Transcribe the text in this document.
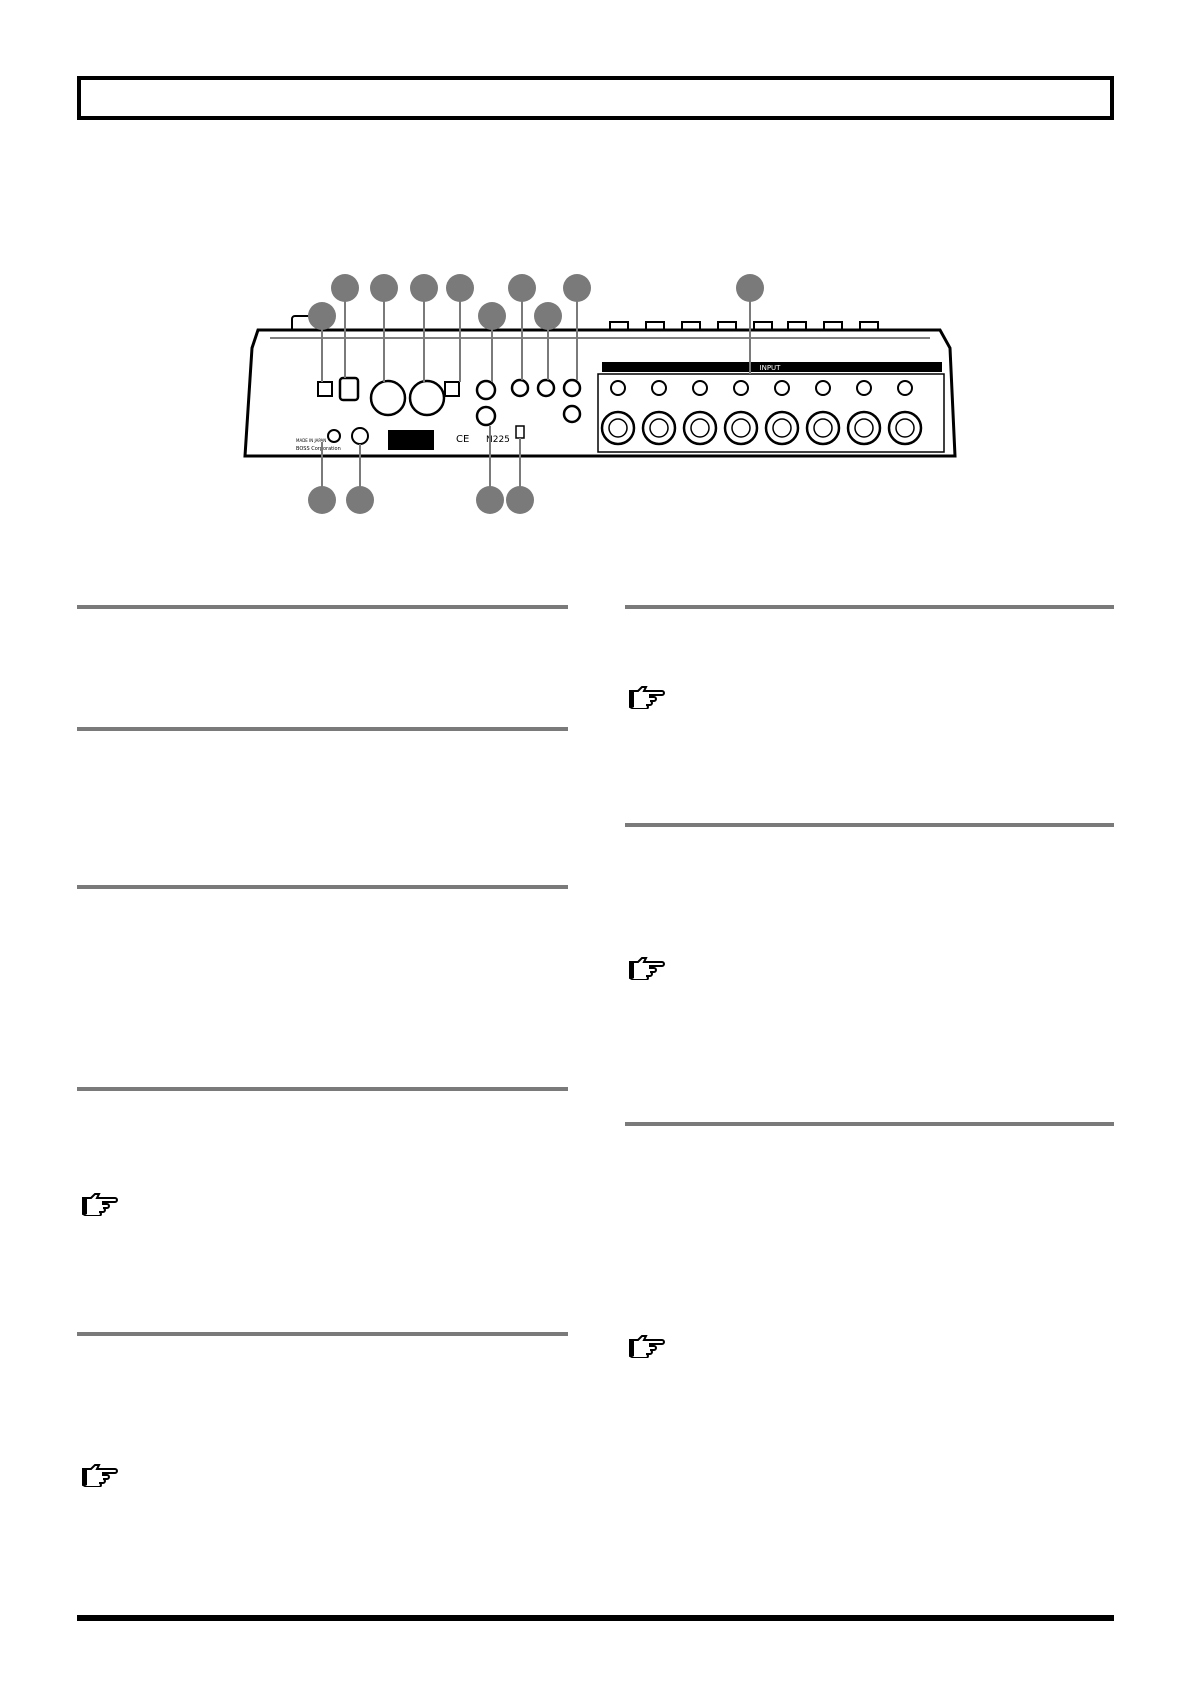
INPUT
CE N225
BOSS Corporation
MADE IN JAPAN
